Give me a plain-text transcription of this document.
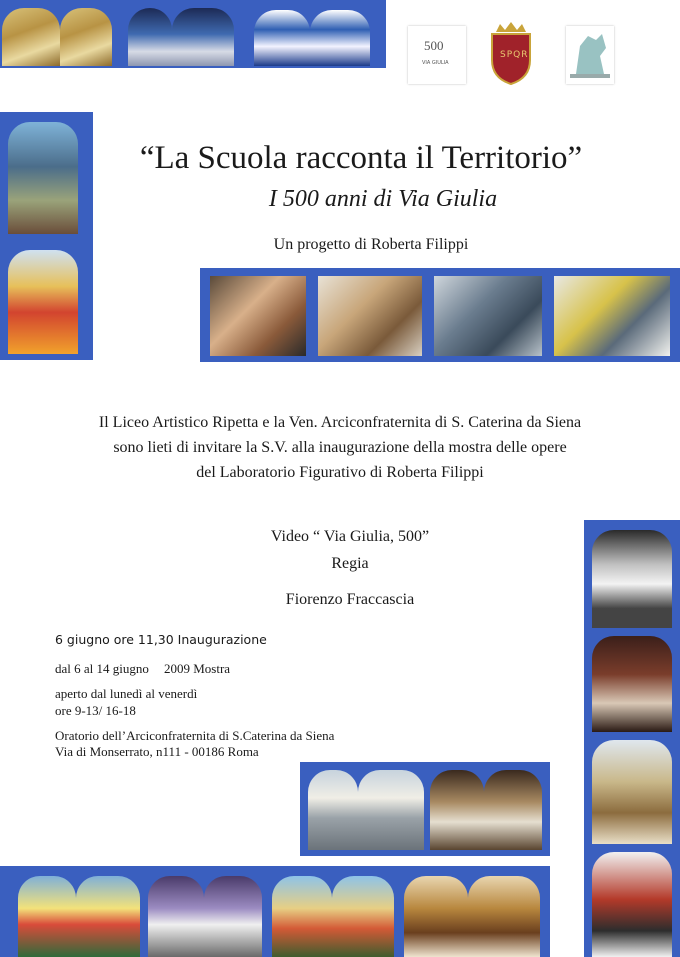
500
VIA GIULIA
SPQR
“La Scuola racconta il Territorio”
I 500 anni di Via Giulia
Un progetto di Roberta Filippi
Il Liceo Artistico Ripetta e la Ven. Arciconfraternita di S. Caterina da Siena
sono lieti di invitare la S.V. alla inaugurazione della mostra delle opere
del Laboratorio Figurativo di Roberta Filippi
Video “ Via Giulia, 500”
Regia
Fiorenzo Fraccascia
6 giugno ore 11,30 Inaugurazione
dal 6 al 14 giugno 2009 Mostra
aperto dal lunedì al venerdì
ore 9-13/ 16-18
Oratorio dell’Arciconfraternita di S.Caterina da Siena
Via di Monserrato, n111 - 00186 Roma
